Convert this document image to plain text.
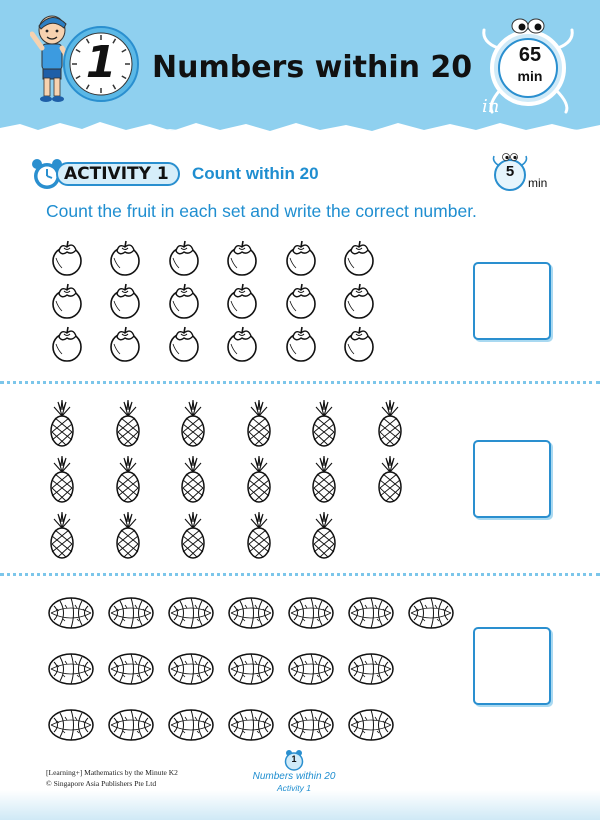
1	Numbers within 20	65
min
in
ACTIVITY 1 Count within 20	5
min
Count the fruit in each set and write the correct number.
[Learning+] Mathematics by the Minute K2
© Singapore Asia Publishers Pte Ltd
1
Numbers within 20
Activity 1
